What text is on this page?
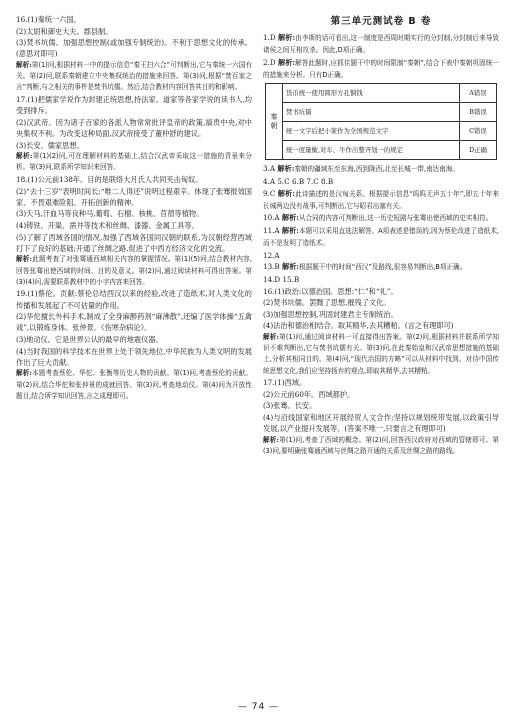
16.(1)秦统一六国。

(2)太尉和御史大夫。郡县制。

(3)焚书坑儒。加强思想控制(或加强专制统治)。不利于思想文化的传承。(意思对即可)

解析:第(1)问,根据材料一中的提示信息“秦王扫六合”可判断出,它与秦统一六国有关。第(2)问,联系秦朝建立中央集权统治的措施来回答。第(3)问,根据“焚百家之言”判断,与之相关的事件是焚书坑儒。然后,结合教材内容回答其目的和影响。

17.(1)把儒家学说作为封建正统思想,持法家、道家等各家学说的读书人,均受到排斥。

(2)汉武帝。因为诸子百家的各派人物常常批评皇帝的政策,搞贵中央,对中央集权不利。为改变这种局面,汉武帝接受了董仲舒的建议。

(3)长安。儒家思想。

解析:第(1)(2)问,可在理解材料的基础上,结合汉武帝采取这一措施的背景来分析。第(3)问,联系所学知识来回答。

18.(1)公元前138年。目的是联络大月氏人共同夹击匈奴。

(2)“去十三岁”表明时间长;“唯二人得还”说明过程艰辛。体现了张骞报效国家、不畏艰难险阻、开拓创新的精神。

(3)天马,汗血马等良种马,葡萄、石榴、核桃、苜蓿等植物。

(4)铸铁、开渠、凿井等技术和丝绸、漆器、金属工具等。

(5)了解了西域各国的情况,加强了西域各国同汉朝的联系,为汉朝经营西域打下了良好的基础;开通了丝绸之路,促进了中西方经济文化的交流。

解析:此题考查了对张骞通西域相关内容的掌握情况。第(1)(5)问,结合教材内容,回答张骞出使西域的时间、目的及意义。第(2)问,通过阅读材料可得出答案。第(3)(4)问,需要联系教材中的小字内容来回答。

19.(1)蔡伦。贡献:蔡伦总结西汉以来的经验,改进了造纸术,对人类文化的传播和发展起了不可估量的作用。

(2)华佗擅长外科手术,制成了全身麻醉药剂“麻沸散”,还编了医学体操“五禽戏”,以锻炼身体。张仲景。《伤寒杂病论》。

(3)地动仪。它是世界公认的最早的地震仪器。

(4)当时我国的科学技术在世界上处于领先地位,中华民族为人类文明的发展作出了巨大贡献。

解析:本题考查蔡伦、华佗、张衡等历史人物的贡献。第(1)问,考查蔡伦的贡献。第(2)问,结合华佗和张仲景的成就回答。第(3)问,考查地动仪。第(4)问为开放性题目,结合所学知识回答,言之成理即可。

第三单元测试卷 B 卷

1.D 解析:由李斯的话可看出,这一制度是西周时期实行的分封制,分封制后来导致诸侯之间互相攻杀。因此,D项正确。

2.D 解析:解答此题时,应抓住题干中的时间限制“秦朝”,结合下表中秦朝巩固统一的措施来分析。只有D正确。

秦
朝	货币统一使用圆形方孔铜钱	A错误
	焚书坑儒	B错误
	统一文字后把小篆作为全国规范文字	C错误
	统一度量衡,对车、牛作出整齐划一的规定	D正确

3.A 解析:秦朝的疆域东至东海,西到陇西,北至长城一带,南达南海。

4.A 5.C 6.B 7.C 8.B

9.C 解析:此诗描述的是汉匈关系。根据提示信息“呜呜无声五十年”,即五十年来长城两边没有战事,可判断出,它与昭君出塞有关。

10.A 解析:从合同的内容可判断出,这一历史短剧与张骞出使西域的史实相符。

11.A 解析:本题可以采用直选法解答。A项表述是错误的,因为蔡伦改进了造纸术,而不是发明了造纸术。

12.A

13.B 解析:根据题干中的时间“西汉”及路线,很容易判断出,B项正确。

14.D 15.B

16.(1)政治:以德治国。思想:“仁”和“礼”。

(2)焚书坑儒。罢黜了思想,摧残了文化。

(3)加强思想控制,巩固封建君主专制统治。

(4)法治和德治相结合。取其精华,去其糟粕。(言之有理即可)

解析:第(1)问,通过阅读材料一可直接得出答案。第(2)问,根据材料并联系所学知识不难判断出,它与焚书坑儒有关。第(3)问,在此秦始皇和汉武帝思想措施的基础上,分析其相同目的。第(4)问,“现代治国的方略”可以从材料中找到。对待中国传统思想文化,我们应坚持扬弃的观点,即取其精华,去其糟粕。

17.(1)西域。

(2)公元前60年。西域都护。

(3)张骞。长安。

(4)与沿线国家和地区开展经贸人文合作;坚持以规划统带发展,以政策引导发展,以产业提升发展等。(答案不唯一,只要言之有理即可)

解析:第(1)问,考查了西域的概念。第(2)问,回答西汉政府对西域的管辖即可。第(3)问,要明确张骞通西域与丝绸之路开通的关系及丝绸之路的路线。

— 74 —
